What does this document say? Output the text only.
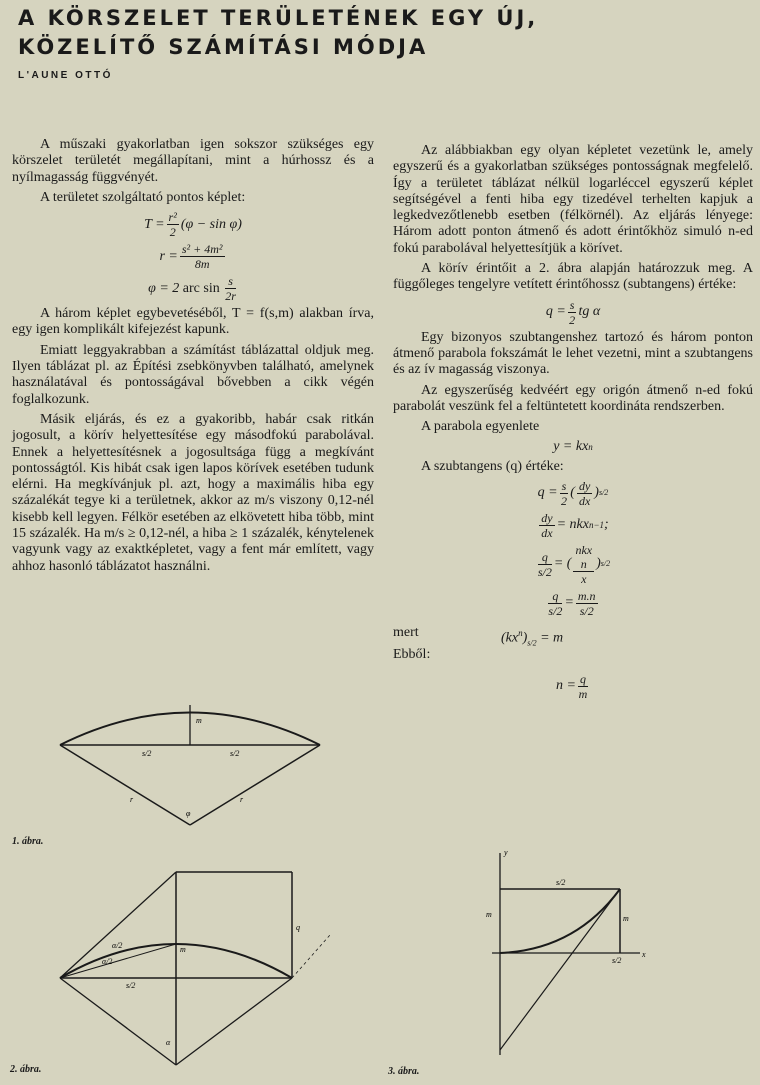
A KÖRSZELET TERÜLETÉNEK EGY ÚJ,
KÖZELÍTŐ SZÁMÍTÁSI MÓDJA
L'AUNE OTTÓ

A műszaki gyakorlatban igen sokszor szükséges egy körszelet területét megállapítani, mint a húrhossz és a nyílmagasság függvényét.

A területet szolgáltató pontos képlet:

$T = \frac{\text{r²}}{2} (\varphi - \sin \varphi)$
$r = \frac{\text{s² + 4m²}}{8m}$
φ = 2 arc $\sin \frac{s}{2r}$

A három képlet egybevetéséből, T = f(s,m) alakban írva, egy igen komplikált kifejezést kapunk.

Emiatt leggyakrabban a számítást táblázattal oldjuk meg. Ilyen táblázat pl. az Építési zsebkönyvben található, amelynek használatával és pontosságával bővebben a cikk végén foglalkozunk.

Másik eljárás, és ez a gyakoribb, habár csak ritkán jogosult, a körív helyettesítése egy másodfokú parabolával. Ennek a helyettesítésnek a jogosultsága függ a megkívánt pontosságtól. Kis hibát csak igen lapos körívek esetében tudunk elérni. Ha megkívánjuk pl. azt, hogy a maximális hiba egy százalékát tegye ki a területnek, akkor az m/s viszony 0,12-nél kisebb kell legyen. Félkör esetében az elkövetett hiba több, mint 15 százalék. Ha m/s ≥ 0,12-nél, a hiba ≥ 1 százalék, kénytelenek vagyunk vagy az exaktképletet, vagy a fent már említett, vagy ahhoz hasonló táblázatot használni.

Az alábbiakban egy olyan képletet vezetünk le, amely egyszerű és a gyakorlatban szükséges pontosságnak megfelelő. Így a területet táblázat nélkül logarléccel egyszerű képlet segítségével a fenti hiba egy tizedével terhelten kapjuk a legkedvezőtlenebb esetben (félkörnél). Az eljárás lényege: Három adott ponton átmenő és adott érintőkhöz simuló n-ed fokú parabolával helyettesítjük a körívet.

A körív érintőit a 2. ábra alapján határozzuk meg. A függőleges tengelyre vetített érintőhossz (subtangens) értéke:

$q = \frac{s}{2}$ tg α

Egy bizonyos szubtangenshez tartozó és három ponton átmenő parabola fokszámát le lehet vezetni, mint a szubtangens és az ív magasság viszonya.

Az egyszerűség kedvéért egy origón átmenő n-ed fokú parabolát veszünk fel a feltüntetett koordináta rendszerben.

A parabola egyenlete

y = kx n

A szubtangens (q) értéke:

$q = \frac{s}{2}$ ( $\frac{dy}{dx}$ ) s/2
$\frac{dy}{dx}$ = nkx n−1 ;
$\frac{q}{s/2}$ = ( nkx
n
x ) s/2
$\frac{q}{s/2} = \frac{m.n}{s/2}$
mert	$(kx^n)_{s/2} = m$
Ebből:
$n = \frac{q}{m}$
m
s/2	s/2
r	r
φ
1. ábra.
q
m
α/2
α/2
s/2
α
2. ábra.
y
x
s/2
s/2
m	m
3. ábra.
